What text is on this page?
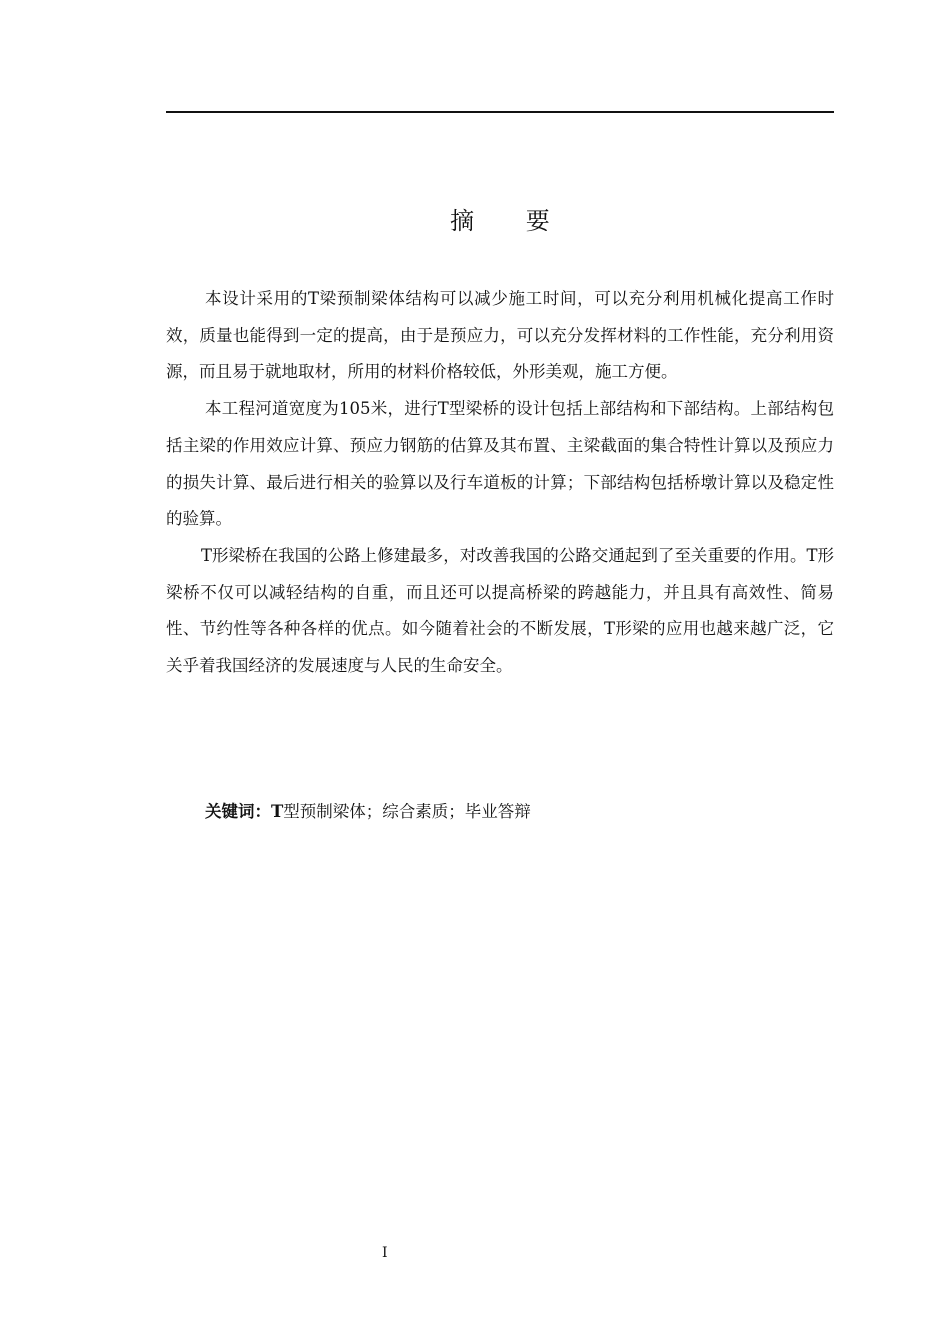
摘 要

本设计采用的T梁预制梁体结构可以减少施工时间，可以充分利用机械化提高工作时效，质量也能得到一定的提高，由于是预应力，可以充分发挥材料的工作性能，充分利用资源，而且易于就地取材，所用的材料价格较低，外形美观，施工方便。

本工程河道宽度为105米，进行T型梁桥的设计包括上部结构和下部结构。上部结构包括主梁的作用效应计算、预应力钢筋的估算及其布置、主梁截面的集合特性计算以及预应力的损失计算、最后进行相关的验算以及行车道板的计算；下部结构包括桥墩计算以及稳定性的验算。

T形梁桥在我国的公路上修建最多，对改善我国的公路交通起到了至关重要的作用。T形梁桥不仅可以减轻结构的自重，而且还可以提高桥梁的跨越能力，并且具有高效性、简易性、节约性等各种各样的优点。如今随着社会的不断发展，T形梁的应用也越来越广泛，它关乎着我国经济的发展速度与人民的生命安全。

关键词：T型预制梁体；综合素质；毕业答辩
I
